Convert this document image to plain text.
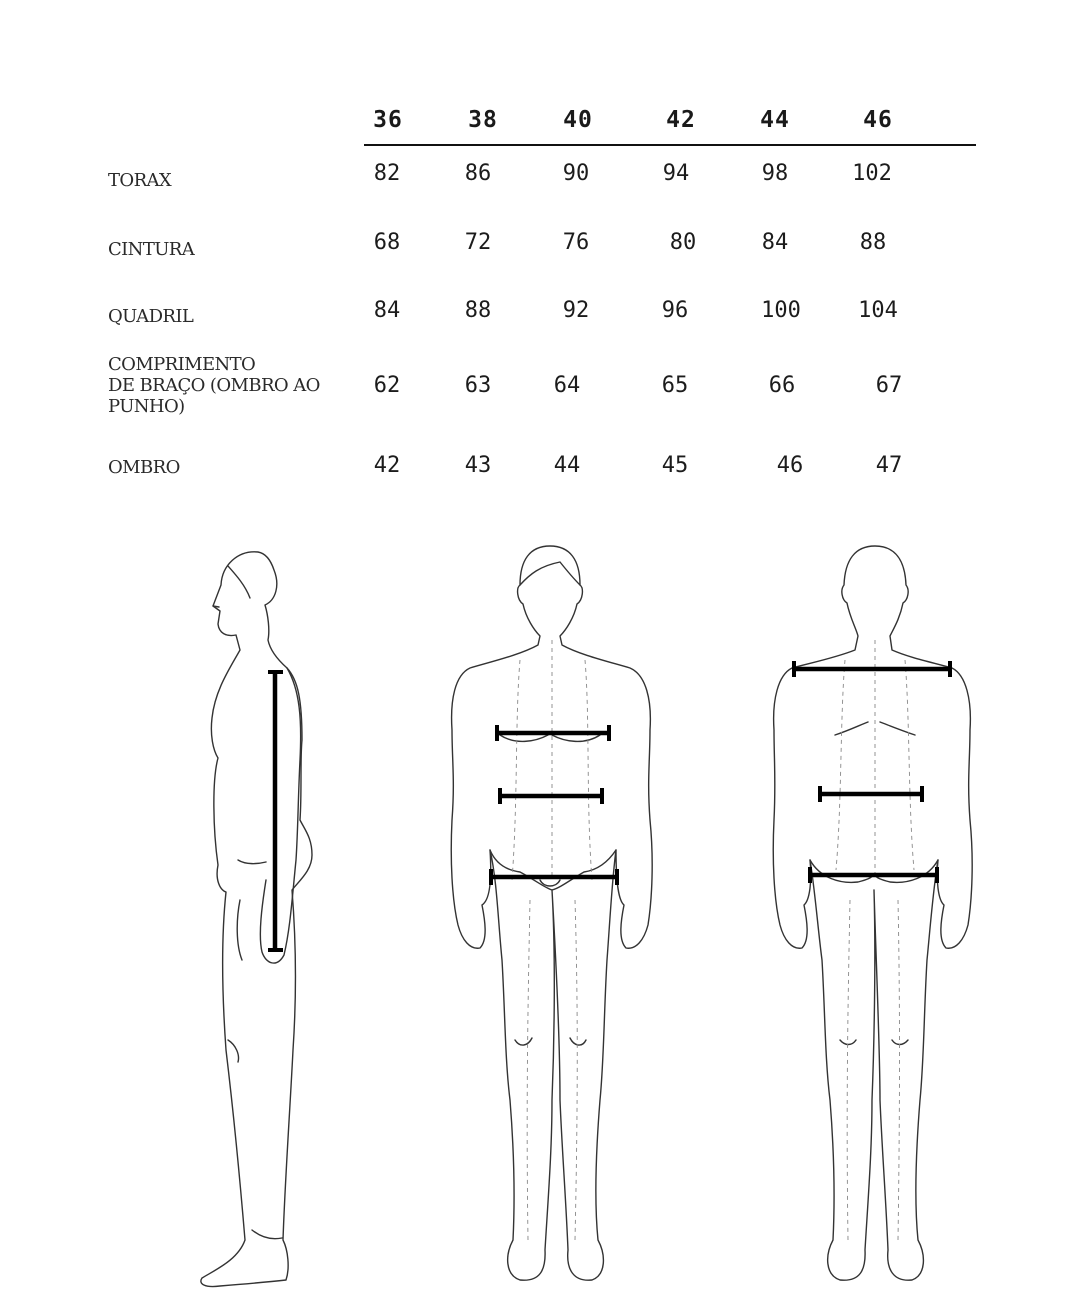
36	38	40	42	44	46
TORAX	82	86	90	94	98	102
CINTURA	68	72	76	80	84	88
QUADRIL	84	88	92	96	100	104
COMPRIMENTO
DE BRAÇO (OMBRO AO
PUNHO)
62	63	64	65	66	67
OMBRO	42	43	44	45	46	47
